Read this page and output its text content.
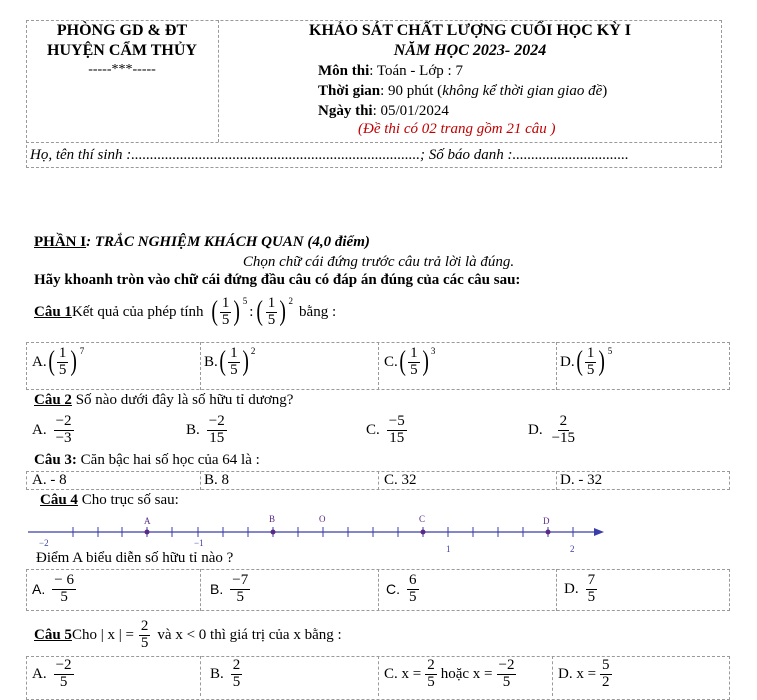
PHÒNG GD & ĐT
HUYỆN CẨM THỦY
-----***-----
KHẢO SÁT CHẤT LƯỢNG CUỐI HỌC KỲ I
NĂM HỌC 2023- 2024
Môn thi: Toán - Lớp : 7
Thời gian: 90 phút (không kể thời gian giao đề)
Ngày thi: 05/01/2024
(Đề thi có 02 trang gồm 21 câu )
Họ, tên thí sinh :.............................................................................; Số báo danh :...............................
PHẦN I: TRẮC NGHIỆM KHÁCH QUAN (4,0 điểm)
Chọn chữ cái đứng trước câu trả lời là đúng.
Hãy khoanh tròn vào chữ cái đứng đầu câu có đáp án đúng của các câu sau:
Câu 1 Kết quả của phép tính ( $\frac{1}{5}$ ) $^5$
: ( $\frac{1}{5}$ ) $^2$
bằng :
A. ( $\frac{1}{5}$ ) $^7$
B. ( $\frac{1}{5}$ ) $^2$
C. ( $\frac{1}{5}$ ) $^3$
D. ( $\frac{1}{5}$ ) $^5$
Câu 2 Số nào dưới đây là số hữu tỉ dương?
A. $\frac{-2}{-3}$	B. $\frac{-2}{15}$	C. $\frac{-5}{15}$	D. $\frac{2}{-15}$
Câu 3: Căn bậc hai số học của 64 là :
A. - 8	B. 8	C. 32	D. - 32
Câu 4 Cho trục số sau:
A	B	O	C	D
−2	−1
1	2
Điểm A biểu diễn số hữu tỉ nào ?
A. $\frac{- 6}{5}$	B. $\frac{-7}{5}$	C. $\frac{6}{5}$	D. $\frac{7}{5}$
Câu 5 Cho | x | = $\frac{2}{5}$ và x < 0 thì giá trị của x bằng :
A. $\frac{-2}{5}$	B. $\frac{2}{5}$	C. $x = \frac{2}{5}$ hoặc $x = \frac{-2}{5}$	D. $x = \frac{5}{2}$
